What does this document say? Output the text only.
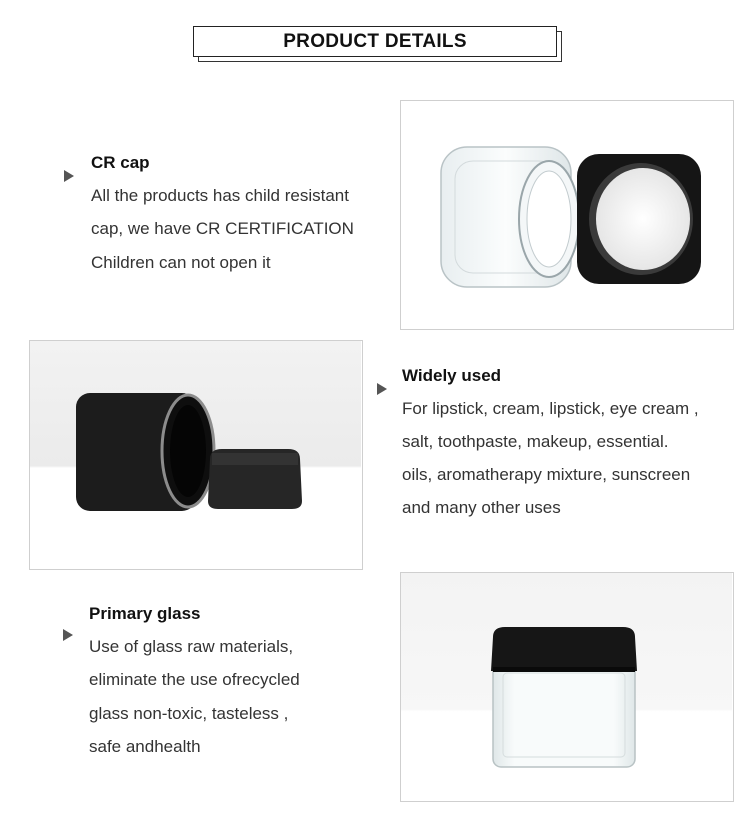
PRODUCT DETAILS
CR cap
All the products has child resistant
cap, we have CR CERTIFICATION
Children can not open it
Widely used
For lipstick, cream, lipstick, eye cream ,
salt, toothpaste, makeup, essential.
oils, aromatherapy mixture, sunscreen
and many other uses
Primary glass
Use of glass raw materials,
eliminate the use ofrecycled
glass non-toxic, tasteless ,
safe andhealth
